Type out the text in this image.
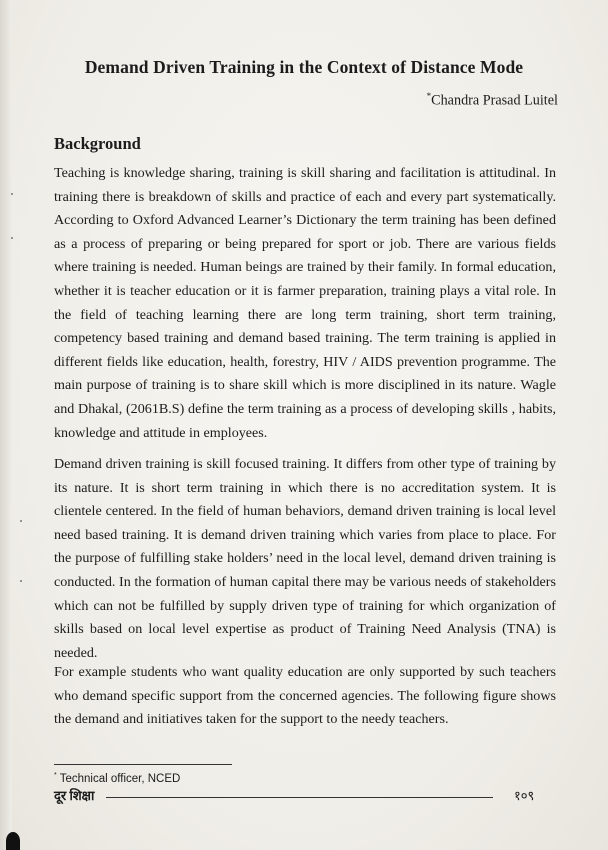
Demand Driven Training in the Context of Distance Mode
*Chandra Prasad Luitel
Background

Teaching is knowledge sharing, training is skill sharing and facilitation is attitudinal. In training there is breakdown of skills and practice of each and every part systematically. According to Oxford Advanced Learner’s Dictionary the term training has been defined as a process of preparing or being prepared for sport or job. There are various fields where training is needed. Human beings are trained by their family. In formal education, whether it is teacher education or it is farmer preparation, training plays a vital role. In the field of teaching learning there are long term training, short term training, competency based training and demand based training. The term training is applied in different fields like education, health, forestry, HIV / AIDS prevention programme. The main purpose of training is to share skill which is more disciplined in its nature. Wagle and Dhakal, (2061B.S) define the term training as a process of developing skills , habits, knowledge and attitude in employees.

Demand driven training is skill focused training. It differs from other type of training by its nature. It is short term training in which there is no accreditation system. It is clientele centered. In the field of human behaviors, demand driven training is local level need based training. It is demand driven training which varies from place to place. For the purpose of fulfilling stake holders’ need in the local level, demand driven training is conducted. In the formation of human capital there may be various needs of stakeholders which can not be fulfilled by supply driven type of training for which organization of skills based on local level expertise as product of Training Need Analysis (TNA) is needed.

For example students who want quality education are only supported by such teachers who demand specific support from the concerned agencies. The following figure shows the demand and initiatives taken for the support to the needy teachers.

* Technical officer, NCED
दूर शिक्षा	१०९
